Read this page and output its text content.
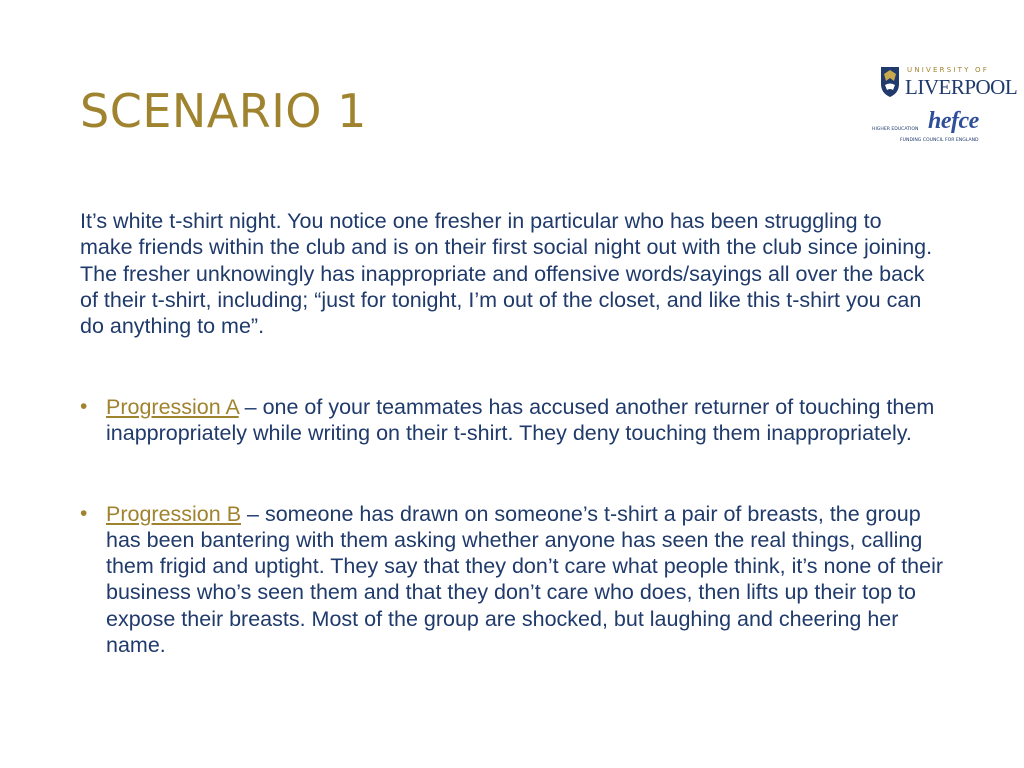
SCENARIO 1
UNIVERSITY OF
LIVERPOOL
hefce
HIGHER EDUCATION
FUNDING COUNCIL FOR ENGLAND

It’s white t-shirt night. You notice one fresher in particular who has been struggling to make friends within the club and is on their first social night out with the club since joining. The fresher unknowingly has inappropriate and offensive words/sayings all over the back of their t-shirt, including; “just for tonight, I’m out of the closet, and like this t-shirt you can do anything to me”.

• Progression A – one of your teammates has accused another returner of touching them inappropriately while writing on their t-shirt. They deny touching them inappropriately.
• Progression B – someone has drawn on someone’s t-shirt a pair of breasts, the group has been bantering with them asking whether anyone has seen the real things, calling them frigid and uptight. They say that they don’t care what people think, it’s none of their business who’s seen them and that they don’t care who does, then lifts up their top to expose their breasts. Most of the group are shocked, but laughing and cheering her name.
